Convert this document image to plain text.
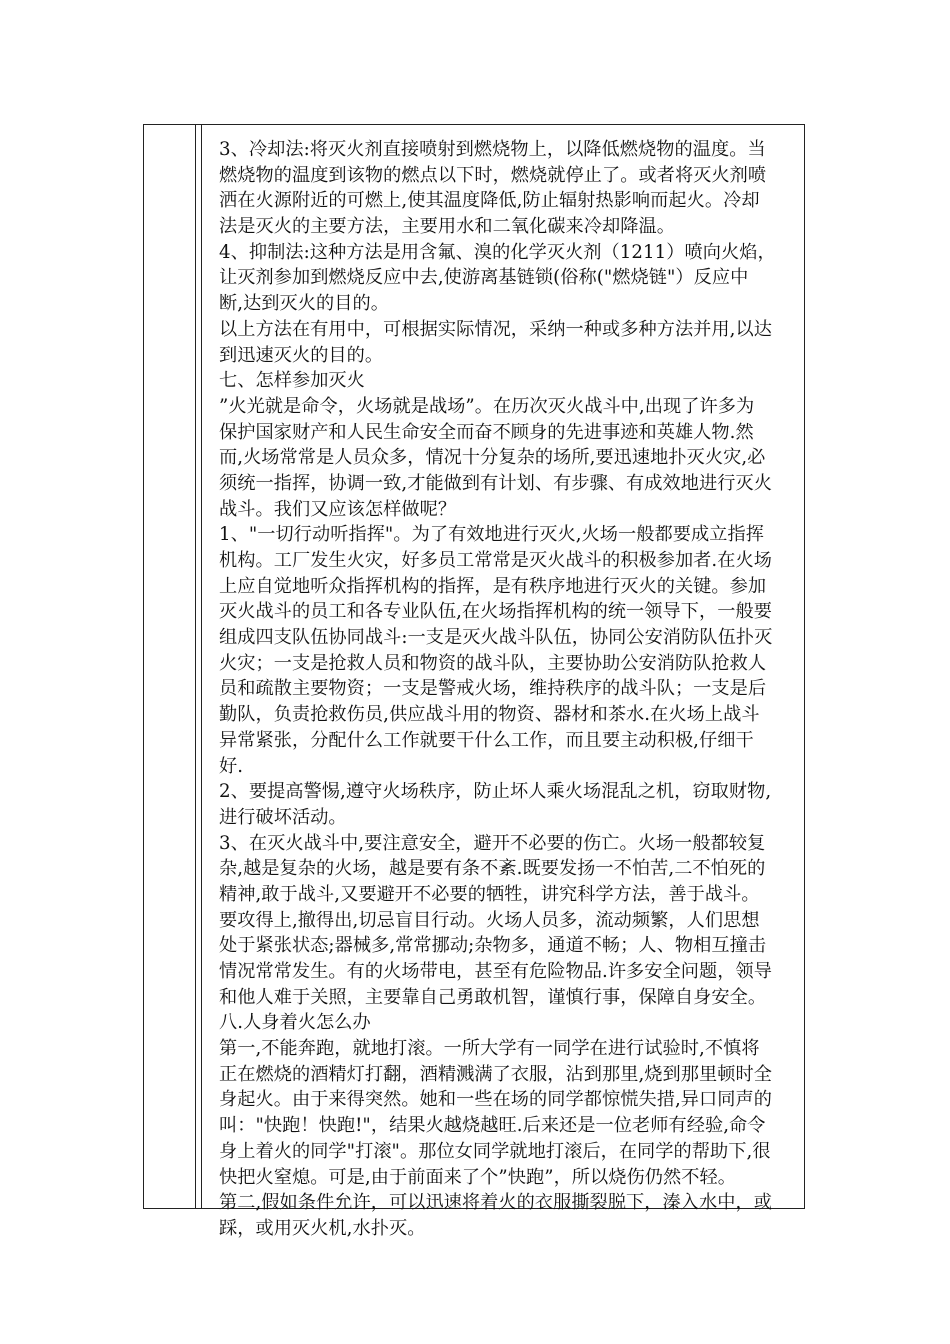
3、冷却法:将灭火剂直接喷射到燃烧物上，以降低燃烧物的温度。当
燃烧物的温度到该物的燃点以下时，燃烧就停止了。或者将灭火剂喷
洒在火源附近的可燃上,使其温度降低,防止辐射热影响而起火。冷却
法是灭火的主要方法，主要用水和二氧化碳来冷却降温。
4、抑制法:这种方法是用含氟、溴的化学灭火剂（1211）喷向火焰，
让灭剂参加到燃烧反应中去,使游离基链锁(俗称("燃烧链"）反应中
断,达到灭火的目的。
以上方法在有用中，可根据实际情况，采纳一种或多种方法并用,以达
到迅速灭火的目的。
七、怎样参加灭火
”火光就是命令，火场就是战场”。在历次灭火战斗中,出现了许多为
保护国家财产和人民生命安全而奋不顾身的先进事迹和英雄人物.然
而,火场常常是人员众多，情况十分复杂的场所,要迅速地扑灭火灾,必
须统一指挥，协调一致,才能做到有计划、有步骤、有成效地进行灭火
战斗。我们又应该怎样做呢？
1、"一切行动听指挥"。为了有效地进行灭火,火场一般都要成立指挥
机构。工厂发生火灾，好多员工常常是灭火战斗的积极参加者.在火场
上应自觉地听众指挥机构的指挥，是有秩序地进行灭火的关键。参加
灭火战斗的员工和各专业队伍,在火场指挥机构的统一领导下，一般要
组成四支队伍协同战斗:一支是灭火战斗队伍，协同公安消防队伍扑灭
火灾；一支是抢救人员和物资的战斗队，主要协助公安消防队抢救人
员和疏散主要物资；一支是警戒火场，维持秩序的战斗队；一支是后
勤队，负责抢救伤员,供应战斗用的物资、器材和茶水.在火场上战斗
异常紧张，分配什么工作就要干什么工作，而且要主动积极,仔细干
好.
2、要提高警惕,遵守火场秩序，防止坏人乘火场混乱之机，窃取财物,
进行破坏活动。
3、在灭火战斗中,要注意安全，避开不必要的伤亡。火场一般都较复
杂,越是复杂的火场，越是要有条不紊.既要发扬一不怕苦,二不怕死的
精神,敢于战斗,又要避开不必要的牺牲，讲究科学方法，善于战斗。
要攻得上,撤得出,切忌盲目行动。火场人员多，流动频繁，人们思想
处于紧张状态;器械多,常常挪动;杂物多，通道不畅；人、物相互撞击
情况常常发生。有的火场带电，甚至有危险物品.许多安全问题，领导
和他人难于关照，主要靠自己勇敢机智，谨慎行事，保障自身安全。
八.人身着火怎么办
第一,不能奔跑，就地打滚。一所大学有一同学在进行试验时,不慎将
正在燃烧的酒精灯打翻，酒精溅满了衣服，沾到那里,烧到那里顿时全
身起火。由于来得突然。她和一些在场的同学都惊慌失措,异口同声的
叫："快跑！快跑!"，结果火越烧越旺.后来还是一位老师有经验,命令
身上着火的同学"打滚"。那位女同学就地打滚后，在同学的帮助下,很
快把火窒熄。可是,由于前面来了个”快跑”，所以烧伤仍然不轻。
第二,假如条件允许，可以迅速将着火的衣服撕裂脱下，溱入水中，或
踩，或用灭火机,水扑灭。
